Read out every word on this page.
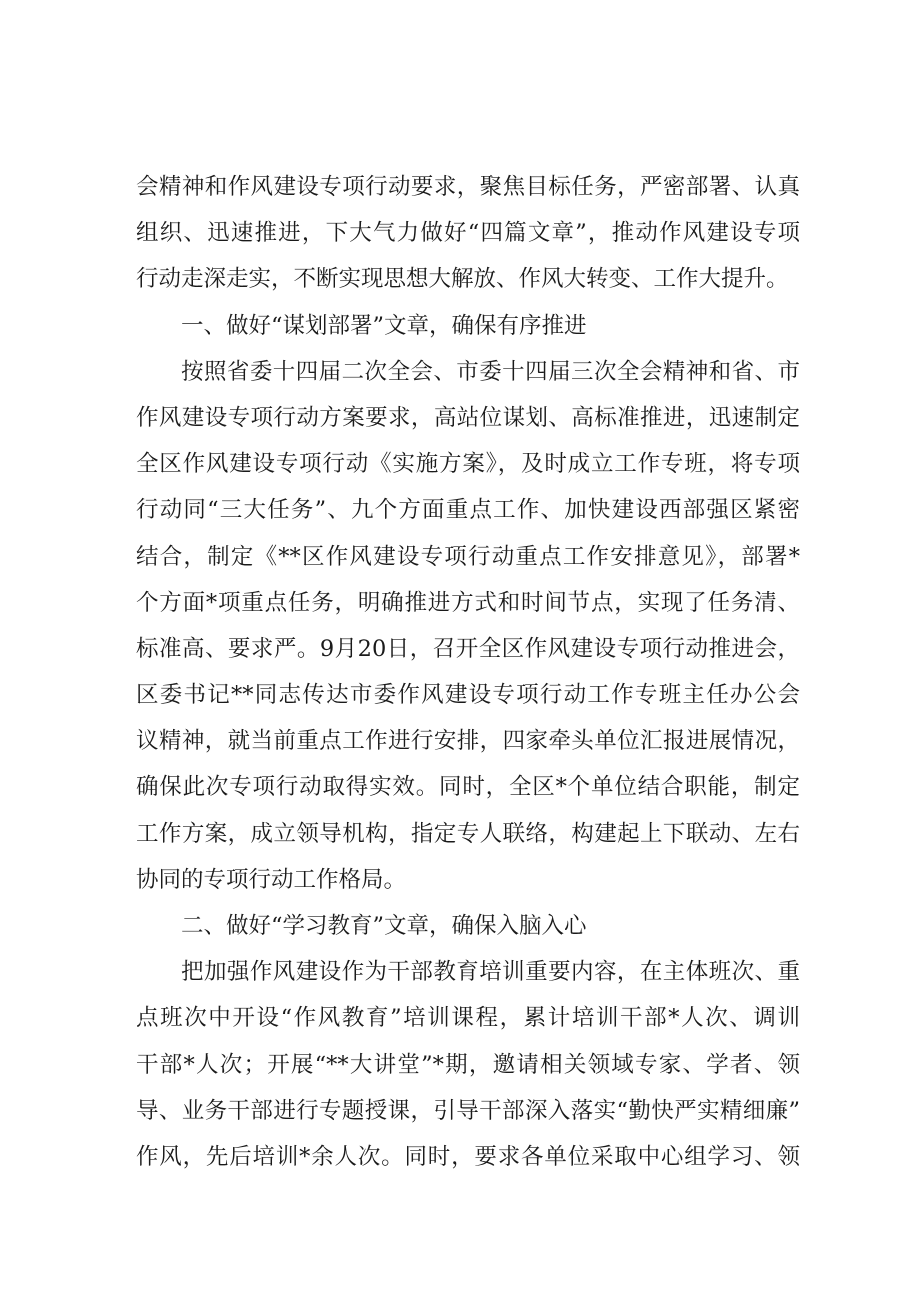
会精神和作风建设专项行动要求，聚焦目标任务，严密部署、认真
组织、迅速推进，下大气力做好“四篇文章”，推动作风建设专项
行动走深走实，不断实现思想大解放、作风大转变、工作大提升。
一、做好“谋划部署”文章，确保有序推进
按照省委十四届二次全会、市委十四届三次全会精神和省、市
作风建设专项行动方案要求，高站位谋划、高标准推进，迅速制定
全区作风建设专项行动《实施方案》，及时成立工作专班，将专项
行动同“三大任务”、九个方面重点工作、加快建设西部强区紧密
结合，制定《**区作风建设专项行动重点工作安排意见》，部署*
个方面*项重点任务，明确推进方式和时间节点，实现了任务清、
标准高、要求严。9月20日，召开全区作风建设专项行动推进会，
区委书记**同志传达市委作风建设专项行动工作专班主任办公会
议精神，就当前重点工作进行安排，四家牵头单位汇报进展情况，
确保此次专项行动取得实效。同时，全区*个单位结合职能，制定
工作方案，成立领导机构，指定专人联络，构建起上下联动、左右
协同的专项行动工作格局。
二、做好“学习教育”文章，确保入脑入心
把加强作风建设作为干部教育培训重要内容，在主体班次、重
点班次中开设“作风教育”培训课程，累计培训干部*人次、调训
干部*人次；开展“**大讲堂”*期，邀请相关领域专家、学者、领
导、业务干部进行专题授课，引导干部深入落实“勤快严实精细廉”
作风，先后培训*余人次。同时，要求各单位采取中心组学习、领
